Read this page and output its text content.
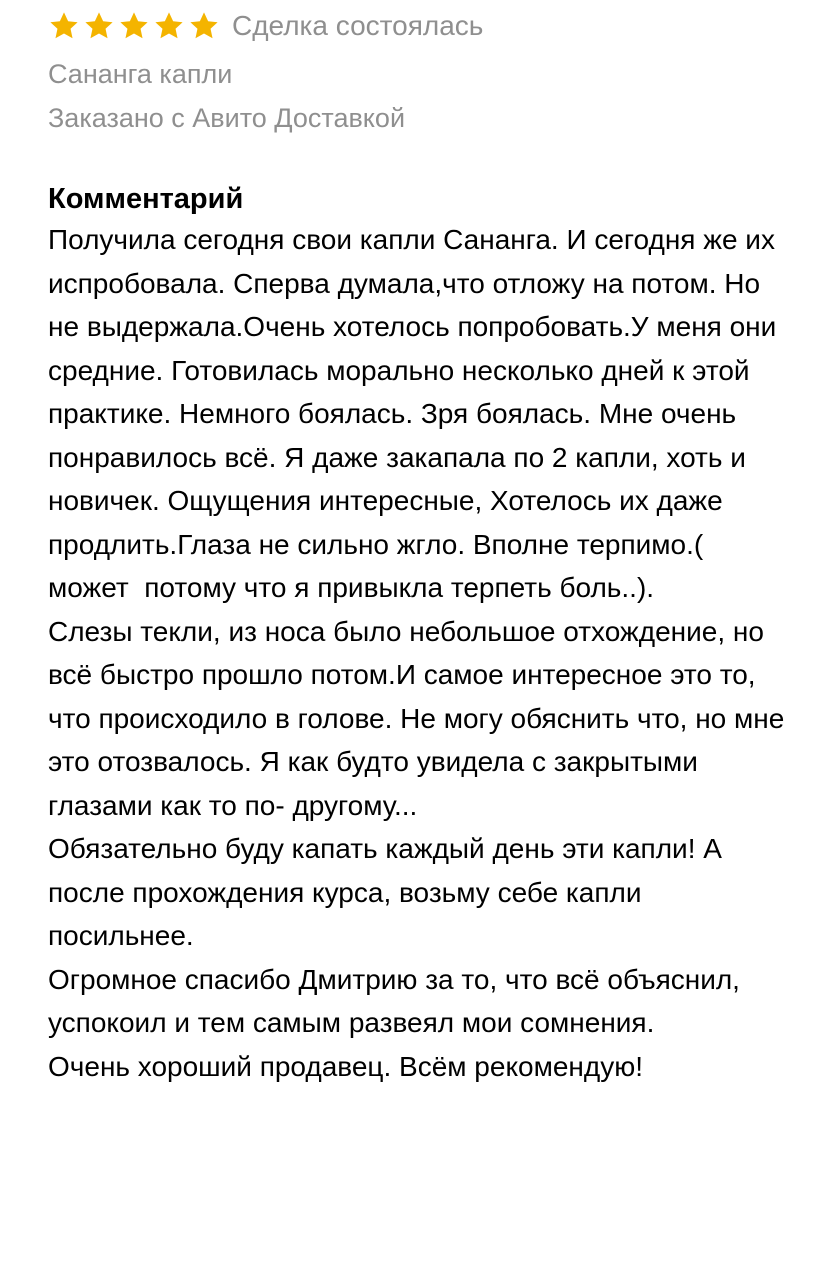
Сделка состоялась
Сананга капли
Заказано с Авито Доставкой
Комментарий

Получила сегодня свои капли Сананга. И сегодня же их испробовала. Сперва думала,что отложу на потом. Но не выдержала.Очень хотелось попробовать.У меня они средние. Готовилась морально несколько дней к этой практике. Немного боялась. Зря боялась. Мне очень понравилось всё. Я даже закапала по 2 капли, хоть и новичек. Ощущения интересные, Хотелось их даже продлить.Глаза не сильно жгло. Вполне терпимо.( может  потому что я привыкла терпеть боль..).

Слезы текли, из носа было небольшое отхождение, но всё быстро прошло потом.И самое интересное это то, что происходило в голове. Не могу обяснить что, но мне это отозвалось. Я как будто увидела с закрытыми глазами как то по- другому...

Обязательно буду капать каждый день эти капли! А после прохождения курса, возьму себе капли посильнее.

Огромное спасибо Дмитрию за то, что всё объяснил, успокоил и тем самым развеял мои сомнения.

Очень хороший продавец. Всём рекомендую!
